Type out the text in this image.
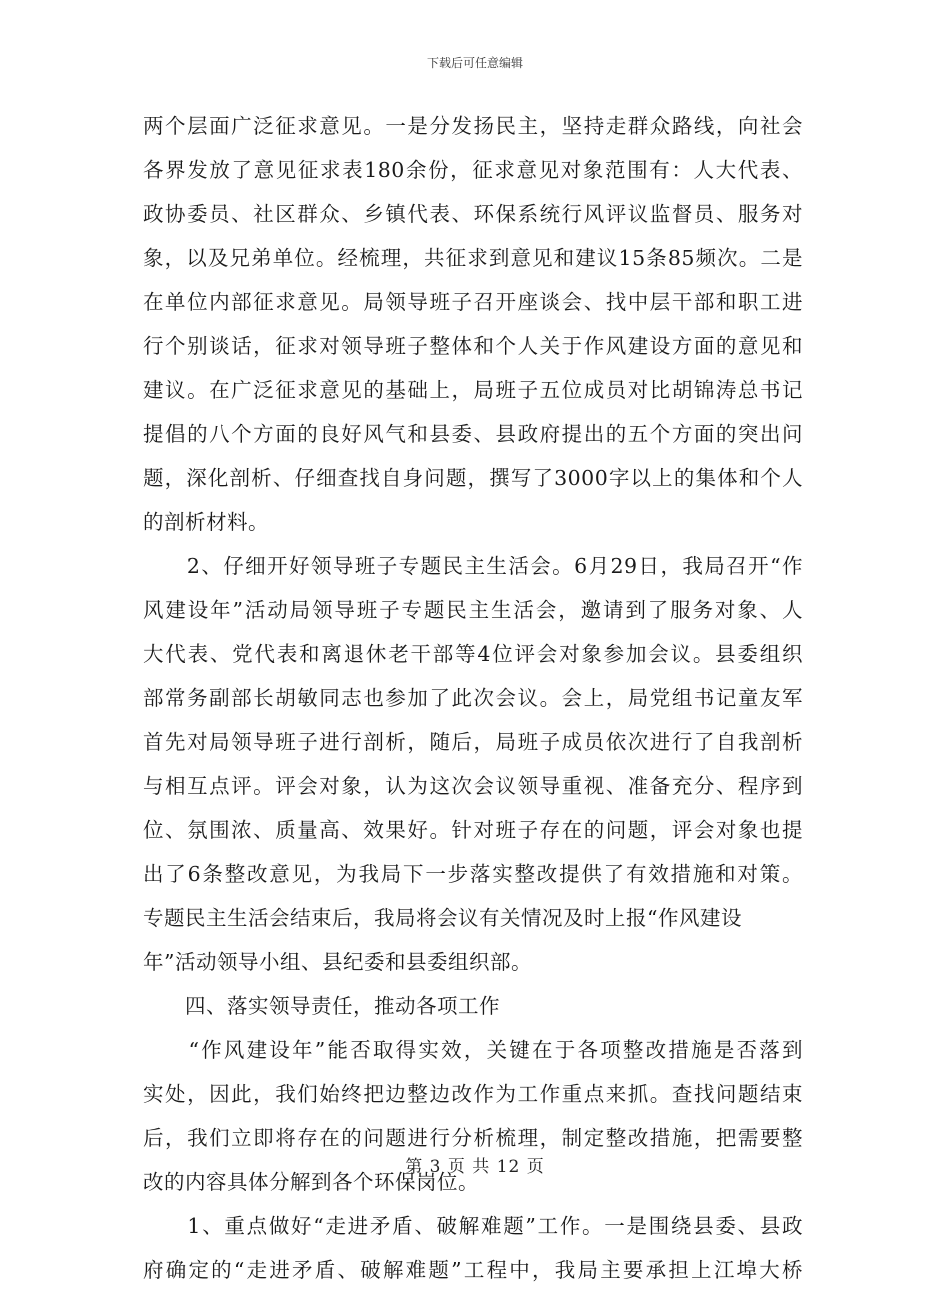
下载后可任意编辑
两个层面广泛征求意见。一是分发扬民主，坚持走群众路线，向社会
各界发放了意见征求表180余份，征求意见对象范围有：人大代表、
政协委员、社区群众、乡镇代表、环保系统行风评议监督员、服务对
象，以及兄弟单位。经梳理，共征求到意见和建议15条85频次。二是
在单位内部征求意见。局领导班子召开座谈会、找中层干部和职工进
行个别谈话，征求对领导班子整体和个人关于作风建设方面的意见和
建议。在广泛征求意见的基础上，局班子五位成员对比胡锦涛总书记
提倡的八个方面的良好风气和县委、县政府提出的五个方面的突出问
题，深化剖析、仔细查找自身问题，撰写了3000字以上的集体和个人
的剖析材料。
　　2、仔细开好领导班子专题民主生活会。6月29日，我局召开“作
风建设年”活动局领导班子专题民主生活会，邀请到了服务对象、人
大代表、党代表和离退休老干部等4位评会对象参加会议。县委组织
部常务副部长胡敏同志也参加了此次会议。会上，局党组书记童友军
首先对局领导班子进行剖析，随后，局班子成员依次进行了自我剖析
与相互点评。评会对象，认为这次会议领导重视、准备充分、程序到
位、氛围浓、质量高、效果好。针对班子存在的问题，评会对象也提
出了6条整改意见，为我局下一步落实整改提供了有效措施和对策。
专题民主生活会结束后，我局将会议有关情况及时上报“作风建设
年”活动领导小组、县纪委和县委组织部。
　　四、落实领导责任，推动各项工作
　　“作风建设年”能否取得实效，关键在于各项整改措施是否落到
实处，因此，我们始终把边整边改作为工作重点来抓。查找问题结束
后，我们立即将存在的问题进行分析梳理，制定整改措施，把需要整
改的内容具体分解到各个环保岗位。
　　1、重点做好“走进矛盾、破解难题”工作。一是围绕县委、县政
府确定的“走进矛盾、破解难题”工程中，我局主要承担上江埠大桥
第 3 页 共 12 页
